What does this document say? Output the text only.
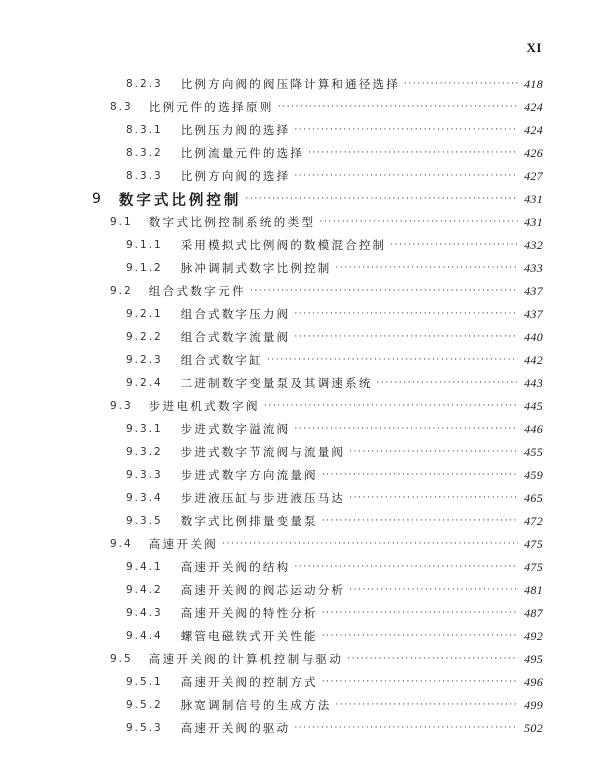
XI
8.2.3 比例方向阀的阀压降计算和通径选择 ·····	418
8.3 比例元件的选择原则 ·····	424
8.3.1 比例压力阀的选择 ·····	424
8.3.2 比例流量元件的选择 ·····	426
8.3.3 比例方向阀的选择 ·····	427
9 数字式比例控制 ·····	431
9.1 数字式比例控制系统的类型 ·····	431
9.1.1 采用模拟式比例阀的数模混合控制 ·····	432
9.1.2 脉冲调制式数字比例控制 ·····	433
9.2 组合式数字元件 ·····	437
9.2.1 组合式数字压力阀 ·····	437
9.2.2 组合式数字流量阀 ·····	440
9.2.3 组合式数字缸 ·····	442
9.2.4 二进制数字变量泵及其调速系统 ·····	443
9.3 步进电机式数字阀 ·····	445
9.3.1 步进式数字溢流阀 ·····	446
9.3.2 步进式数字节流阀与流量阀 ·····	455
9.3.3 步进式数字方向流量阀 ·····	459
9.3.4 步进液压缸与步进液压马达 ·····	465
9.3.5 数字式比例排量变量泵 ·····	472
9.4 高速开关阀 ·····	475
9.4.1 高速开关阀的结构 ·····	475
9.4.2 高速开关阀的阀芯运动分析 ·····	481
9.4.3 高速开关阀的特性分析 ·····	487
9.4.4 螺管电磁铁式开关性能 ·····	492
9.5 高速开关阀的计算机控制与驱动 ·····	495
9.5.1 高速开关阀的控制方式 ·····	496
9.5.2 脉宽调制信号的生成方法 ·····	499
9.5.3 高速开关阀的驱动 ·····	502
